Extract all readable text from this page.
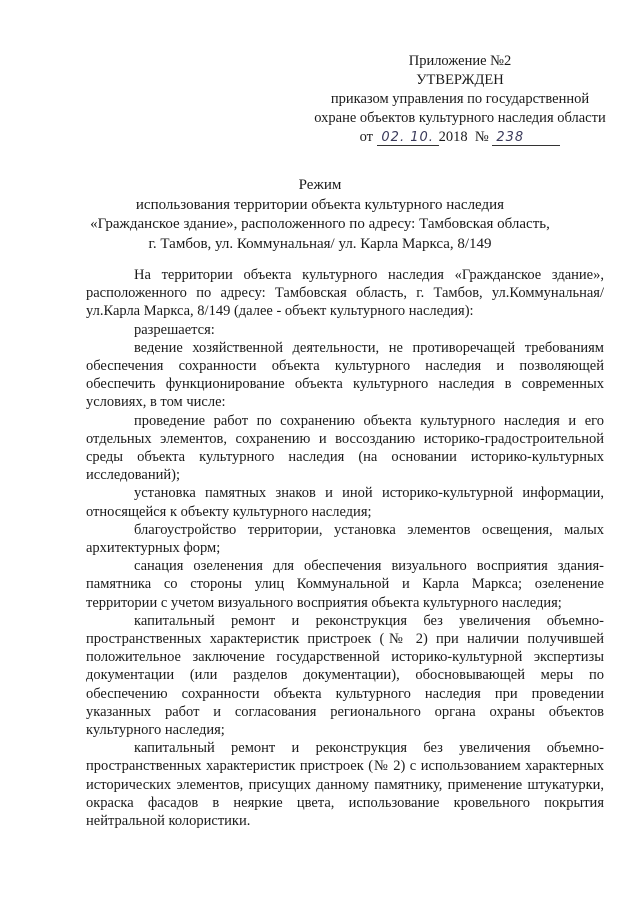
Приложение №2
УТВЕРЖДЕН
приказом управления по государственной
охране объектов культурного наследия области
от 02. 10. 2018 № 238
Режим
использования территории объекта культурного наследия
«Гражданское здание», расположенного по адресу: Тамбовская область,
г. Тамбов, ул. Коммунальная/ ул. Карла Маркса, 8/149

На территории объекта культурного наследия «Гражданское здание», расположенного по адресу: Тамбовская область, г. Тамбов, ул.Коммунальная/ ул.Карла Маркса, 8/149 (далее - объект культурного наследия):

разрешается:

ведение хозяйственной деятельности, не противоречащей требованиям обеспечения сохранности объекта культурного наследия и позволяющей обеспечить функционирование объекта культурного наследия в современных условиях, в том числе:

проведение работ по сохранению объекта культурного наследия и его отдельных элементов, сохранению и воссозданию историко-градостроительной среды объекта культурного наследия (на основании историко-культурных исследований);

установка памятных знаков и иной историко-культурной информации, относящейся к объекту культурного наследия;

благоустройство территории, установка элементов освещения, малых архитектурных форм;

санация озеленения для обеспечения визуального восприятия здания-памятника со стороны улиц Коммунальной и Карла Маркса; озеленение территории с учетом визуального восприятия объекта культурного наследия;

капитальный ремонт и реконструкция без увеличения объемно-пространственных характеристик пристроек (№ 2) при наличии получившей положительное заключение государственной историко-культурной экспертизы документации (или разделов документации), обосновывающей меры по обеспечению сохранности объекта культурного наследия при проведении указанных работ и согласования регионального органа охраны объектов культурного наследия;

капитальный ремонт и реконструкция без увеличения объемно-пространственных характеристик пристроек (№ 2) с использованием характерных исторических элементов, присущих данному памятнику, применение штукатурки, окраска фасадов в неяркие цвета, использование кровельного покрытия нейтральной колористики.
